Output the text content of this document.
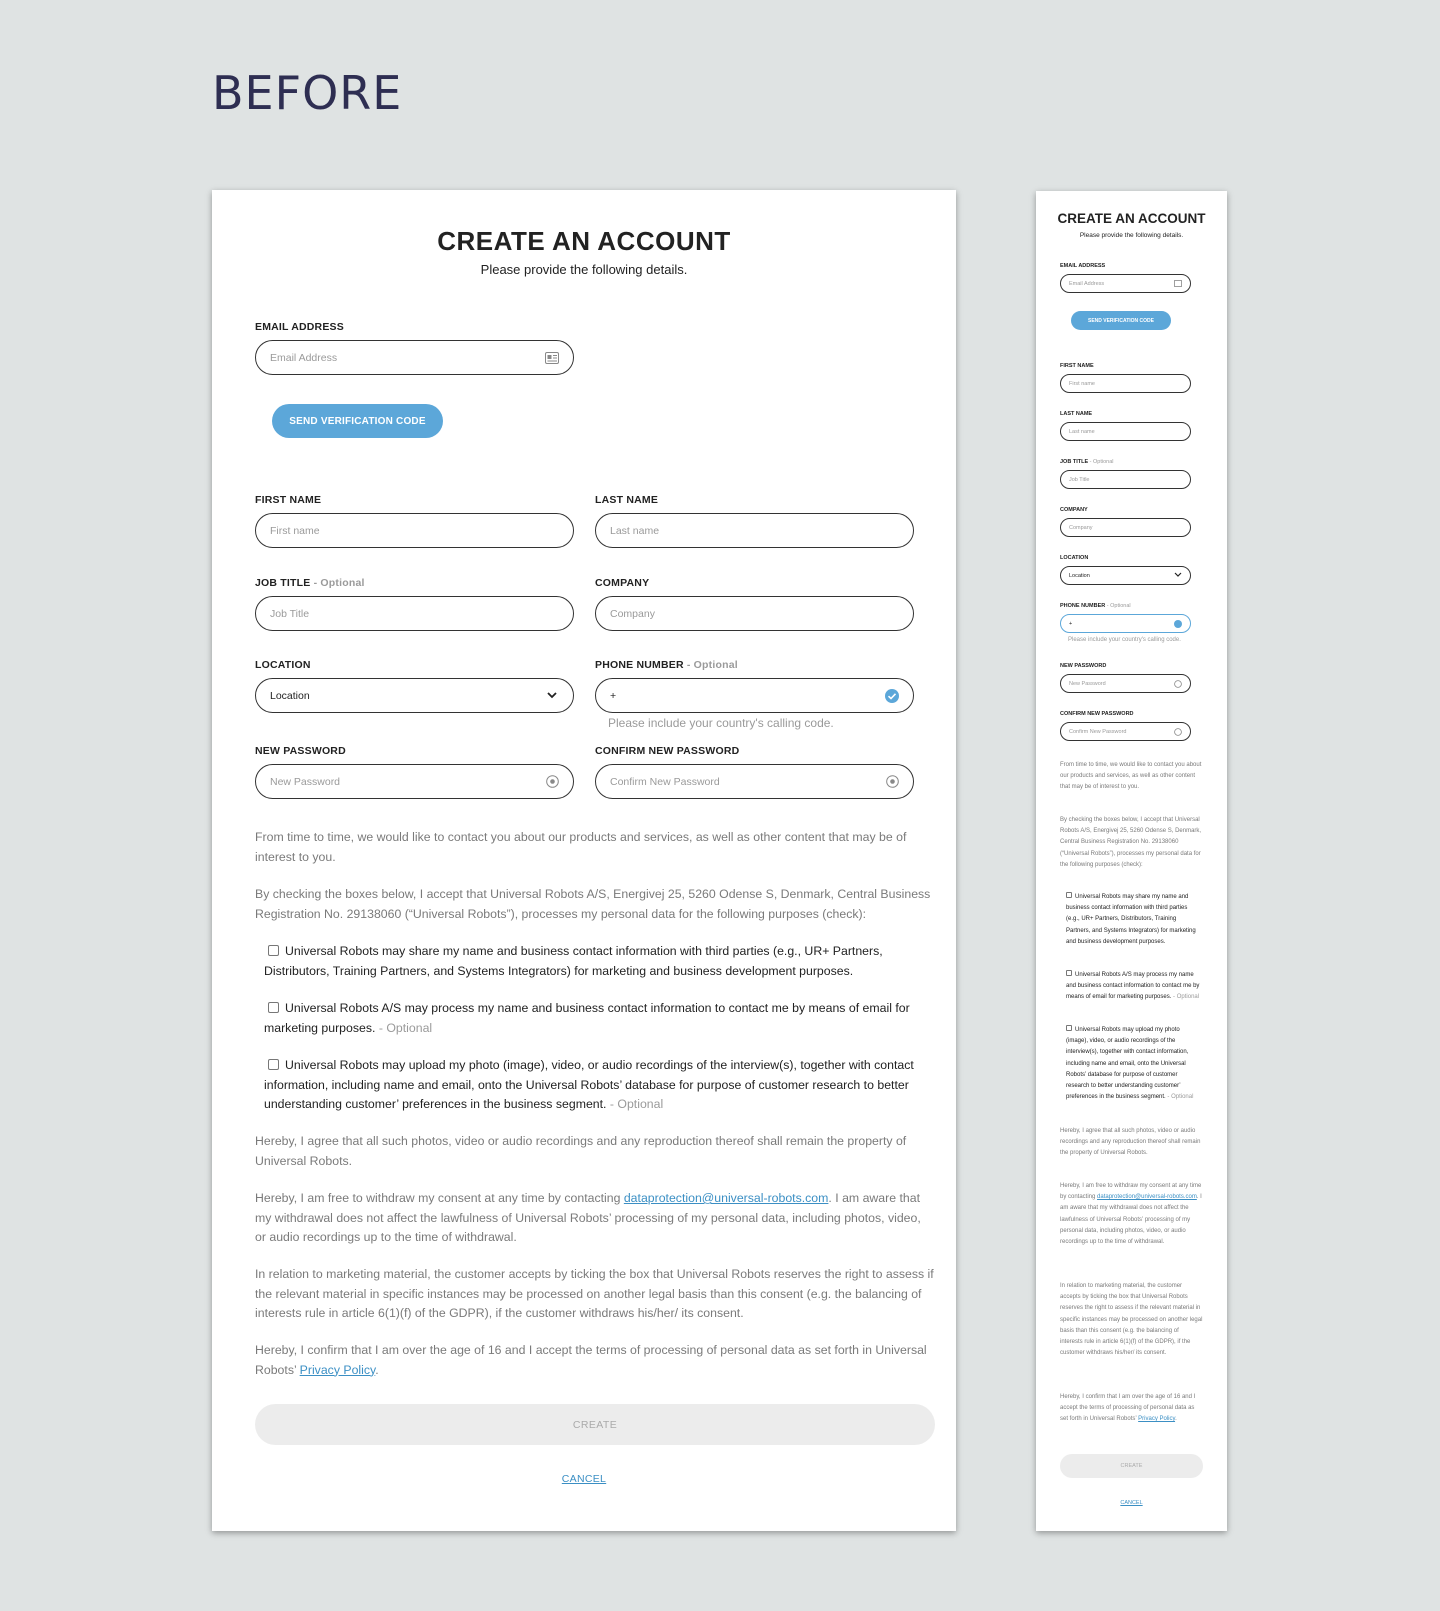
BEFORE
CREATE AN ACCOUNT
Please provide the following details.
EMAIL ADDRESS
Email Address
SEND VERIFICATION CODE
FIRST NAME
First name
LAST NAME
Last name
JOB TITLE - Optional
Job Title
COMPANY
Company
LOCATION
Location
PHONE NUMBER - Optional
+
Please include your country's calling code.
NEW PASSWORD
New Password
CONFIRM NEW PASSWORD
Confirm New Password
From time to time, we would like to contact you about our products and services, as well as other content that may be of interest to you.
By checking the boxes below, I accept that Universal Robots A/S, Energivej 25, 5260 Odense S, Denmark, Central Business Registration No. 29138060 (“Universal Robots”), processes my personal data for the following purposes (check):
Universal Robots may share my name and business contact information with third parties (e.g., UR+ Partners, Distributors, Training Partners, and Systems Integrators) for marketing and business development purposes.
Universal Robots A/S may process my name and business contact information to contact me by means of email for marketing purposes. - Optional
Universal Robots may upload my photo (image), video, or audio recordings of the interview(s), together with contact information, including name and email, onto the Universal Robots’ database for purpose of customer research to better understanding customer’ preferences in the business segment. - Optional
Hereby, I agree that all such photos, video or audio recordings and any reproduction thereof shall remain the property of Universal Robots.
Hereby, I am free to withdraw my consent at any time by contacting dataprotection@universal-robots.com. I am aware that my withdrawal does not affect the lawfulness of Universal Robots’ processing of my personal data, including photos, video, or audio recordings up to the time of withdrawal.
In relation to marketing material, the customer accepts by ticking the box that Universal Robots reserves the right to assess if the relevant material in specific instances may be processed on another legal basis than this consent (e.g. the balancing of interests rule in article 6(1)(f) of the GDPR), if the customer withdraws his/her/ its consent.
Hereby, I confirm that I am over the age of 16 and I accept the terms of processing of personal data as set forth in Universal Robots’ Privacy Policy.
CREATE
CANCEL
CREATE AN ACCOUNT
Please provide the following details.
EMAIL ADDRESS
Email Address
SEND VERIFICATION CODE
FIRST NAME
First name
LAST NAME
Last name
JOB TITLE - Optional
Job Title
COMPANY
Company
LOCATION
Location
PHONE NUMBER - Optional
+
Please include your country's calling code.
NEW PASSWORD
New Password
CONFIRM NEW PASSWORD
Confirm New Password
From time to time, we would like to contact you about our products and services, as well as other content that may be of interest to you.
By checking the boxes below, I accept that Universal Robots A/S, Energivej 25, 5260 Odense S, Denmark, Central Business Registration No. 29138060 (“Universal Robots”), processes my personal data for the following purposes (check):
Universal Robots may share my name and business contact information with third parties (e.g., UR+ Partners, Distributors, Training Partners, and Systems Integrators) for marketing and business development purposes.
Universal Robots A/S may process my name and business contact information to contact me by means of email for marketing purposes. - Optional
Universal Robots may upload my photo (image), video, or audio recordings of the interview(s), together with contact information, including name and email, onto the Universal Robots’ database for purpose of customer research to better understanding customer’ preferences in the business segment. - Optional
Hereby, I agree that all such photos, video or audio recordings and any reproduction thereof shall remain the property of Universal Robots.
Hereby, I am free to withdraw my consent at any time by contacting dataprotection@universal-robots.com. I am aware that my withdrawal does not affect the lawfulness of Universal Robots’ processing of my personal data, including photos, video, or audio recordings up to the time of withdrawal.
In relation to marketing material, the customer accepts by ticking the box that Universal Robots reserves the right to assess if the relevant material in specific instances may be processed on another legal basis than this consent (e.g. the balancing of interests rule in article 6(1)(f) of the GDPR), if the customer withdraws his/her/ its consent.
Hereby, I confirm that I am over the age of 16 and I accept the terms of processing of personal data as set forth in Universal Robots’ Privacy Policy.
CREATE
CANCEL
